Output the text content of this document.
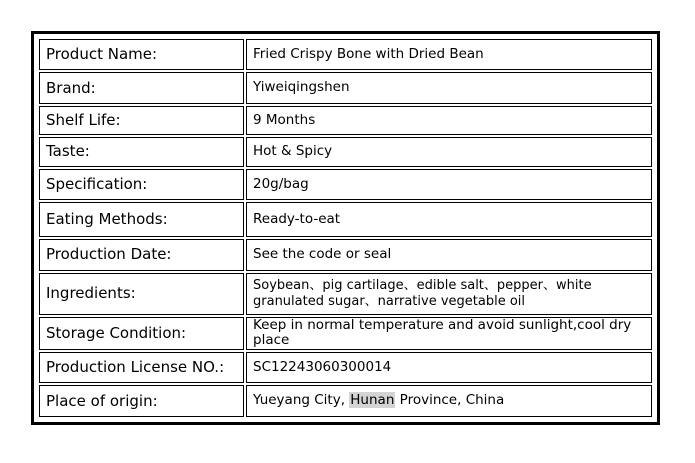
Product Name:	Fried Crispy Bone with Dried Bean
Brand:	Yiweiqingshen
Shelf Life:	9 Months
Taste:	Hot & Spicy
Specification:	20g/bag
Eating Methods:	Ready-to-eat
Production Date:	See the code or seal
Ingredients:	Soybean、pig cartilage、edible salt、pepper、white granulated sugar、narrative vegetable oil
Storage Condition:	Keep in normal temperature and avoid sunlight,cool dry place
Production License NO.:	SC12243060300014
Place of origin:	Yueyang City, Hunan Province, China
